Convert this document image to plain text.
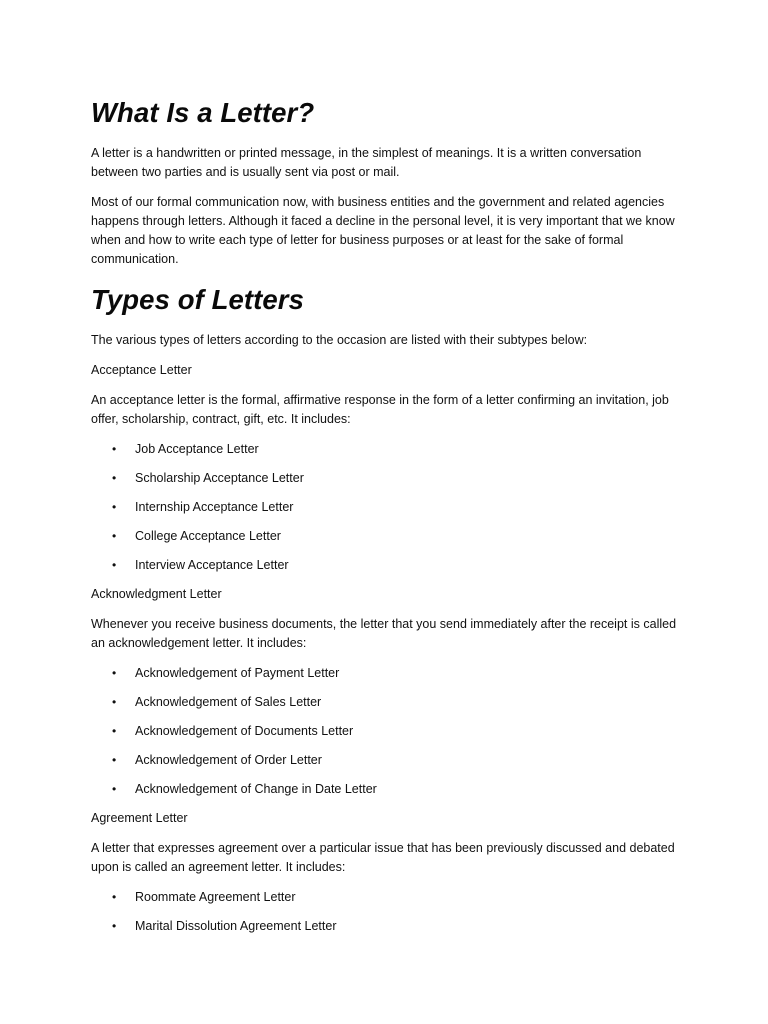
What Is a Letter?

A letter is a handwritten or printed message, in the simplest of meanings. It is a written conversation between two parties and is usually sent via post or mail.

Most of our formal communication now, with business entities and the government and related agencies happens through letters. Although it faced a decline in the personal level, it is very important that we know when and how to write each type of letter for business purposes or at least for the sake of formal communication.

Types of Letters

The various types of letters according to the occasion are listed with their subtypes below:

Acceptance Letter

An acceptance letter is the formal, affirmative response in the form of a letter confirming an invitation, job offer, scholarship, contract, gift, etc. It includes:

• Job Acceptance Letter
• Scholarship Acceptance Letter
• Internship Acceptance Letter
• College Acceptance Letter
• Interview Acceptance Letter

Acknowledgment Letter

Whenever you receive business documents, the letter that you send immediately after the receipt is called an acknowledgement letter. It includes:

• Acknowledgement of Payment Letter
• Acknowledgement of Sales Letter
• Acknowledgement of Documents Letter
• Acknowledgement of Order Letter
• Acknowledgement of Change in Date Letter

Agreement Letter

A letter that expresses agreement over a particular issue that has been previously discussed and debated upon is called an agreement letter. It includes:

• Roommate Agreement Letter
• Marital Dissolution Agreement Letter
